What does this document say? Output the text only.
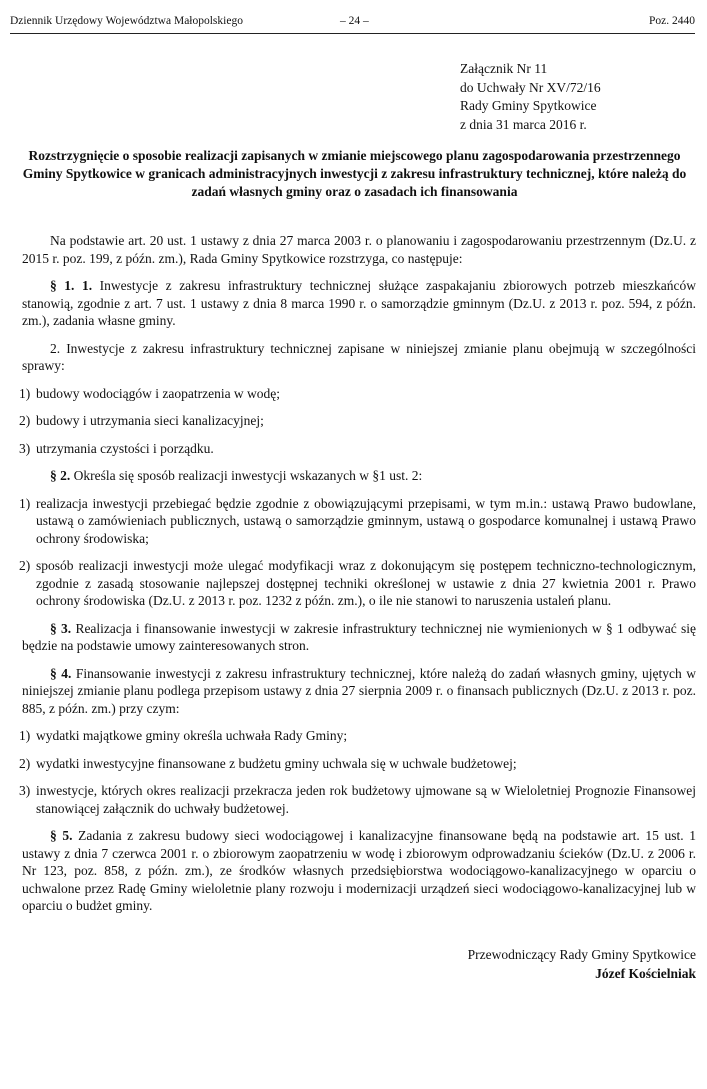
Dziennik Urzędowy Województwa Małopolskiego	– 24 –	Poz. 2440
Załącznik Nr 11
do Uchwały Nr XV/72/16
Rady Gminy Spytkowice
z dnia 31 marca 2016 r.
Rozstrzygnięcie o sposobie realizacji zapisanych w zmianie miejscowego planu zagospodarowania przestrzennego Gminy Spytkowice w granicach administracyjnych inwestycji z zakresu infrastruktury technicznej, które należą do zadań własnych gminy oraz o zasadach ich finansowania

Na podstawie art. 20 ust. 1 ustawy z dnia 27 marca 2003 r. o planowaniu i zagospodarowaniu przestrzennym (Dz.U. z 2015 r. poz. 199, z późn. zm.), Rada Gminy Spytkowice rozstrzyga, co następuje:

§ 1. 1. Inwestycje z zakresu infrastruktury technicznej służące zaspakajaniu zbiorowych potrzeb mieszkańców stanowią, zgodnie z art. 7 ust. 1 ustawy z dnia 8 marca 1990 r. o samorządzie gminnym (Dz.U. z 2013 r. poz. 594, z późn. zm.), zadania własne gminy.

2. Inwestycje z zakresu infrastruktury technicznej zapisane w niniejszej zmianie planu obejmują w szczególności sprawy:

1) budowy wodociągów i zaopatrzenia w wodę;
2) budowy i utrzymania sieci kanalizacyjnej;
3) utrzymania czystości i porządku.

§ 2. Określa się sposób realizacji inwestycji wskazanych w §1 ust. 2:

1) realizacja inwestycji przebiegać będzie zgodnie z obowiązującymi przepisami, w tym m.in.: ustawą Prawo budowlane, ustawą o zamówieniach publicznych, ustawą o samorządzie gminnym, ustawą o gospodarce komunalnej i ustawą Prawo ochrony środowiska;
2) sposób realizacji inwestycji może ulegać modyfikacji wraz z dokonującym się postępem techniczno-technologicznym, zgodnie z zasadą stosowanie najlepszej dostępnej techniki określonej w ustawie z dnia 27 kwietnia 2001 r. Prawo ochrony środowiska (Dz.U. z 2013 r. poz. 1232 z późn. zm.), o ile nie stanowi to naruszenia ustaleń planu.

§ 3. Realizacja i finansowanie inwestycji w zakresie infrastruktury technicznej nie wymienionych w § 1 odbywać się będzie na podstawie umowy zainteresowanych stron.

§ 4. Finansowanie inwestycji z zakresu infrastruktury technicznej, które należą do zadań własnych gminy, ujętych w niniejszej zmianie planu podlega przepisom ustawy z dnia 27 sierpnia 2009 r. o finansach publicznych (Dz.U. z 2013 r. poz. 885, z późn. zm.) przy czym:

1) wydatki majątkowe gminy określa uchwała Rady Gminy;
2) wydatki inwestycyjne finansowane z budżetu gminy uchwala się w uchwale budżetowej;
3) inwestycje, których okres realizacji przekracza jeden rok budżetowy ujmowane są w Wieloletniej Prognozie Finansowej stanowiącej załącznik do uchwały budżetowej.

§ 5. Zadania z zakresu budowy sieci wodociągowej i kanalizacyjne finansowane będą na podstawie art. 15 ust. 1 ustawy z dnia 7 czerwca 2001 r. o zbiorowym zaopatrzeniu w wodę i zbiorowym odprowadzaniu ścieków (Dz.U. z 2006 r. Nr 123, poz. 858, z późn. zm.), ze środków własnych przedsiębiorstwa wodociągowo-kanalizacyjnego w oparciu o uchwalone przez Radę Gminy wieloletnie plany rozwoju i modernizacji urządzeń sieci wodociągowo-kanalizacyjnej lub w oparciu o budżet gminy.

Przewodniczący Rady Gminy Spytkowice
Józef Kościelniak
